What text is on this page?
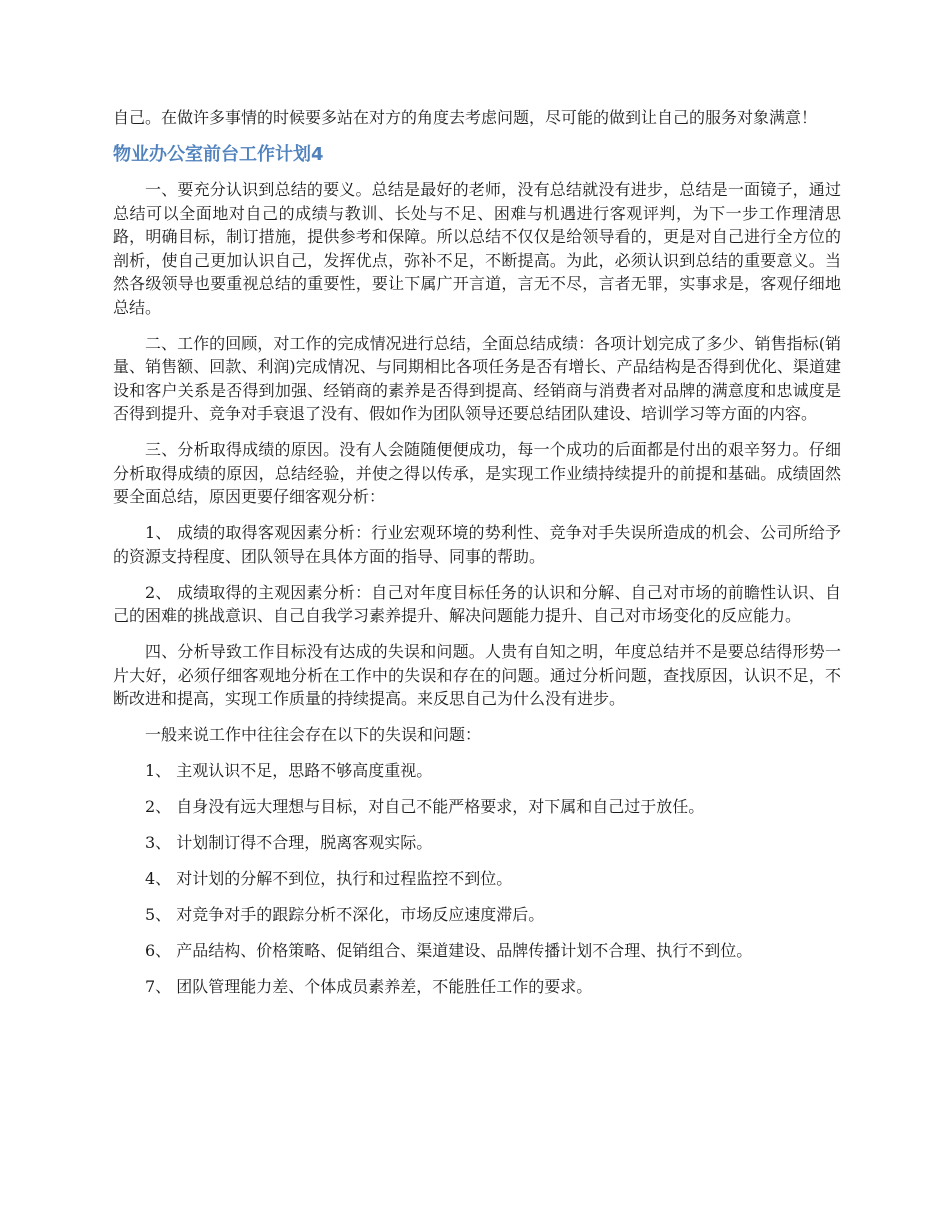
自己。在做许多事情的时候要多站在对方的角度去考虑问题，尽可能的做到让自己的服务对象满意！

物业办公室前台工作计划4

一、要充分认识到总结的要义。总结是最好的老师，没有总结就没有进步，总结是一面镜子，通过总结可以全面地对自己的成绩与教训、长处与不足、困难与机遇进行客观评判，为下一步工作理清思路，明确目标，制订措施，提供参考和保障。所以总结不仅仅是给领导看的，更是对自己进行全方位的剖析，使自己更加认识自己，发挥优点，弥补不足，不断提高。为此，必须认识到总结的重要意义。当然各级领导也要重视总结的重要性，要让下属广开言道，言无不尽，言者无罪，实事求是，客观仔细地总结。

二、工作的回顾，对工作的完成情况进行总结，全面总结成绩：各项计划完成了多少、销售指标(销量、销售额、回款、利润)完成情况、与同期相比各项任务是否有增长、产品结构是否得到优化、渠道建设和客户关系是否得到加强、经销商的素养是否得到提高、经销商与消费者对品牌的满意度和忠诚度是否得到提升、竞争对手衰退了没有、假如作为团队领导还要总结团队建设、培训学习等方面的内容。

三、分析取得成绩的原因。没有人会随随便便成功，每一个成功的后面都是付出的艰辛努力。仔细分析取得成绩的原因，总结经验，并使之得以传承，是实现工作业绩持续提升的前提和基础。成绩固然要全面总结，原因更要仔细客观分析：

1、 成绩的取得客观因素分析：行业宏观环境的势利性、竞争对手失误所造成的机会、公司所给予的资源支持程度、团队领导在具体方面的指导、同事的帮助。

2、 成绩取得的主观因素分析：自己对年度目标任务的认识和分解、自己对市场的前瞻性认识、自己的困难的挑战意识、自己自我学习素养提升、解决问题能力提升、自己对市场变化的反应能力。

四、分析导致工作目标没有达成的失误和问题。人贵有自知之明，年度总结并不是要总结得形势一片大好，必须仔细客观地分析在工作中的失误和存在的问题。通过分析问题，查找原因，认识不足，不断改进和提高，实现工作质量的持续提高。来反思自己为什么没有进步。

一般来说工作中往往会存在以下的失误和问题：

1、 主观认识不足，思路不够高度重视。

2、 自身没有远大理想与目标，对自己不能严格要求，对下属和自己过于放任。

3、 计划制订得不合理，脱离客观实际。

4、 对计划的分解不到位，执行和过程监控不到位。

5、 对竞争对手的跟踪分析不深化，市场反应速度滞后。

6、 产品结构、价格策略、促销组合、渠道建设、品牌传播计划不合理、执行不到位。

7、 团队管理能力差、个体成员素养差，不能胜任工作的要求。
